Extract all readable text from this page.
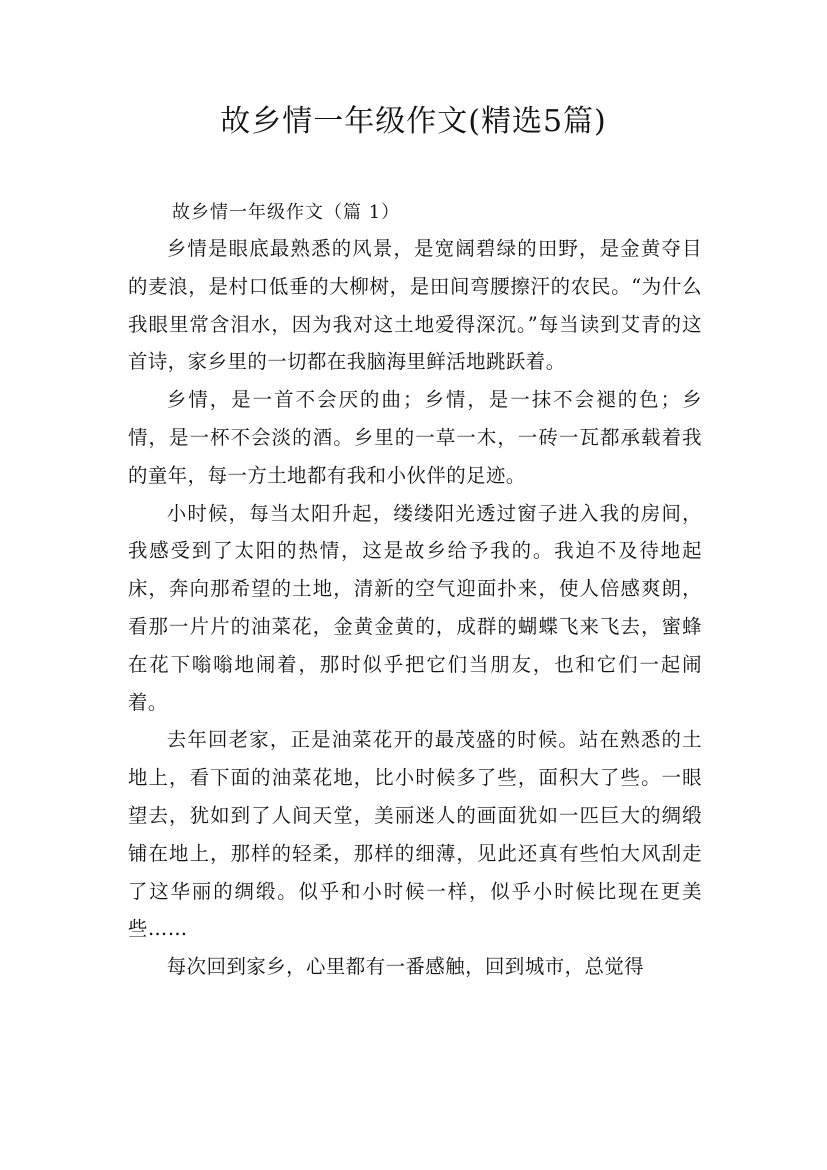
故乡情一年级作文(精选5篇)

故乡情一年级作文（篇 1）

乡情是眼底最熟悉的风景，是宽阔碧绿的田野，是金黄夺目的麦浪，是村口低垂的大柳树，是田间弯腰擦汗的农民。“为什么我眼里常含泪水，因为我对这土地爱得深沉。”每当读到艾青的这首诗，家乡里的一切都在我脑海里鲜活地跳跃着。

乡情，是一首不会厌的曲；乡情，是一抹不会褪的色；乡情，是一杯不会淡的酒。乡里的一草一木，一砖一瓦都承载着我的童年，每一方土地都有我和小伙伴的足迹。

小时候，每当太阳升起，缕缕阳光透过窗子进入我的房间，我感受到了太阳的热情，这是故乡给予我的。我迫不及待地起床，奔向那希望的土地，清新的空气迎面扑来，使人倍感爽朗，看那一片片的油菜花，金黄金黄的，成群的蝴蝶飞来飞去，蜜蜂在花下嗡嗡地闹着，那时似乎把它们当朋友，也和它们一起闹着。

去年回老家，正是油菜花开的最茂盛的时候。站在熟悉的土地上，看下面的油菜花地，比小时候多了些，面积大了些。一眼望去，犹如到了人间天堂，美丽迷人的画面犹如一匹巨大的绸缎铺在地上，那样的轻柔，那样的细薄，见此还真有些怕大风刮走了这华丽的绸缎。似乎和小时候一样，似乎小时候比现在更美些……

每次回到家乡，心里都有一番感触，回到城市，总觉得
